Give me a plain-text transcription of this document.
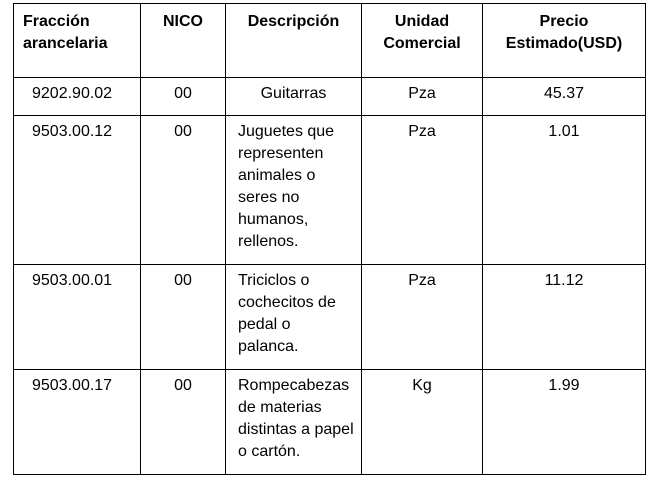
Fracción arancelaria	NICO	Descripción	Unidad Comercial	Precio Estimado(USD)
9202.90.02	00	Guitarras	Pza	45.37
9503.00.12	00	Juguetes que representen animales o seres no humanos, rellenos.	Pza	1.01
9503.00.01	00	Triciclos o cochecitos de pedal o palanca.	Pza	11.12
9503.00.17	00	Rompecabezas de materias distintas a papel o cartón.	Kg	1.99
